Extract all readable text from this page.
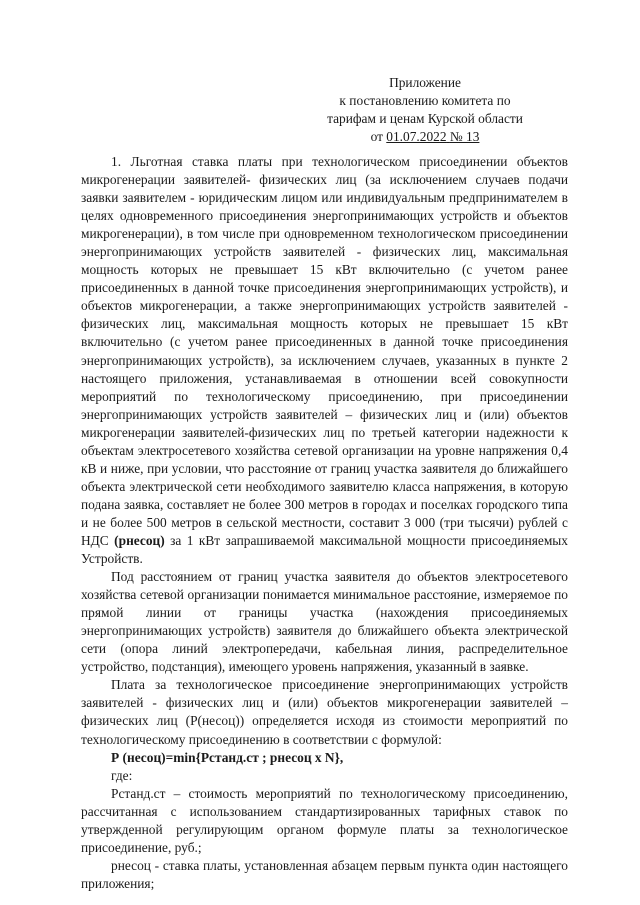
Приложение
к постановлению комитета по
тарифам и ценам Курской области
от 01.07.2022 № 13

1. Льготная ставка платы при технологическом присоединении объектов микрогенерации заявителей- физических лиц (за исключением случаев подачи заявки заявителем - юридическим лицом или индивидуальным предпринимателем в целях одновременного присоединения энергопринимающих устройств и объектов микрогенерации), в том числе при одновременном технологическом присоединении энергопринимающих устройств заявителей - физических лиц, максимальная мощность которых не превышает 15 кВт включительно (с учетом ранее присоединенных в данной точке присоединения энергопринимающих устройств), и объектов микрогенерации, а также энергопринимающих устройств заявителей - физических лиц, максимальная мощность которых не превышает 15 кВт включительно (с учетом ранее присоединенных в данной точке присоединения энергопринимающих устройств), за исключением случаев, указанных в пункте 2 настоящего приложения, устанавливаемая в отношении всей совокупности мероприятий по технологическому присоединению, при присоединении энергопринимающих устройств заявителей – физических лиц и (или) объектов микрогенерации заявителей-физических лиц по третьей категории надежности к объектам электросетевого хозяйства сетевой организации на уровне напряжения 0,4 кВ и ниже, при условии, что расстояние от границ участка заявителя до ближайшего объекта электрической сети необходимого заявителю класса напряжения, в которую подана заявка, составляет не более 300 метров в городах и поселках городского типа и не более 500 метров в сельской местности, составит 3 000 (три тысячи) рублей с НДС (рнесоц) за 1 кВт запрашиваемой максимальной мощности присоединяемых Устройств.

Под расстоянием от границ участка заявителя до объектов электросетевого хозяйства сетевой организации понимается минимальное расстояние, измеряемое по прямой линии от границы участка (нахождения присоединяемых энергопринимающих устройств) заявителя до ближайшего объекта электрической сети (опора линий электропередачи, кабельная линия, распределительное устройство, подстанция), имеющего уровень напряжения, указанный в заявке.

Плата за технологическое присоединение энергопринимающих устройств заявителей - физических лиц и (или) объектов микрогенерации заявителей – физических лиц (Р(несоц)) определяется исходя из стоимости мероприятий по технологическому присоединению в соответствии с формулой:

Р (несоц)=min{Рстанд.ст ; рнесоц х N},
где:

Рстанд.ст – стоимость мероприятий по технологическому присоединению, рассчитанная с использованием стандартизированных тарифных ставок по утвержденной регулирующим органом формуле платы за технологическое присоединение, руб.;

рнесоц - ставка платы, установленная абзацем первым пункта один настоящего приложения;
